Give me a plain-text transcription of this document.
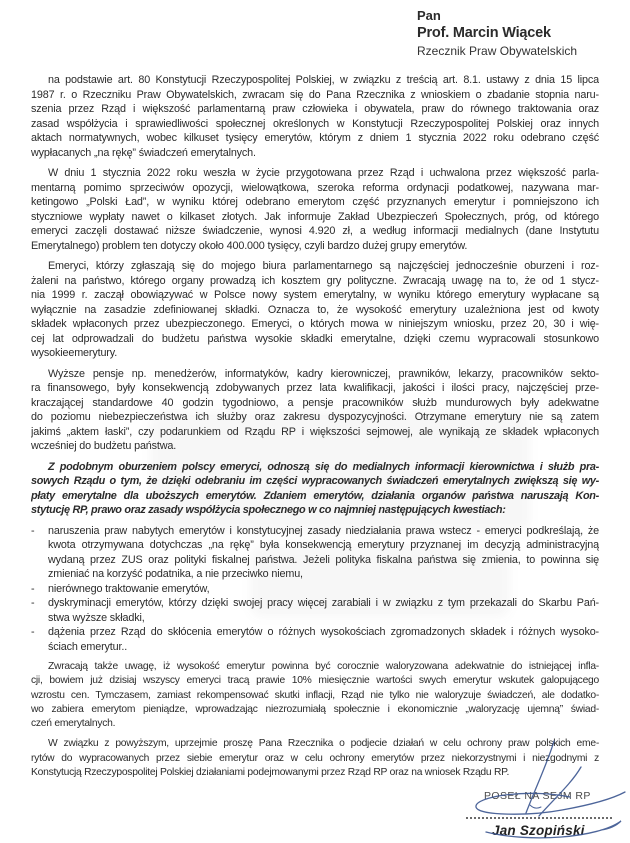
Pan
Prof. Marcin Wiącek
Rzecznik Praw Obywatelskich
na podstawie art. 80 Konstytucji Rzeczypospolitej Polskiej, w związku z treścią art. 8.1. ustawy z dnia 15 lipca
1987 r. o Rzeczniku Praw Obywatelskich, zwracam się do Pana Rzecznika z wnioskiem o zbadanie stopnia naru-
szenia przez Rząd i większość parlamentarną praw człowieka i obywatela, praw do równego traktowania oraz
zasad współżycia i sprawiedliwości społecznej określonych w Konstytucji Rzeczypospolitej Polskiej oraz innych
aktach normatywnych, wobec kilkuset tysięcy emerytów, którym z dniem 1 stycznia 2022 roku odebrano część
wypłacanych „na rękę” świadczeń emerytalnych.
W dniu 1 stycznia 2022 roku weszła w życie przygotowana przez Rząd i uchwalona przez większość parla-
mentarną pomimo sprzeciwów opozycji, wielowątkowa, szeroka reforma ordynacji podatkowej, nazywana mar-
ketingowo „Polski Ład”, w wyniku której odebrano emerytom część przyznanych emerytur i pomniejszono ich
styczniowe wypłaty nawet o kilkaset złotych. Jak informuje Zakład Ubezpieczeń Społecznych, próg, od którego
emeryci zaczęli dostawać niższe świadczenie, wynosi 4.920 zł, a według informacji medialnych (dane Instytutu
Emerytalnego) problem ten dotyczy około 400.000 tysięcy, czyli bardzo dużej grupy emerytów.
Emeryci, którzy zgłaszają się do mojego biura parlamentarnego są najczęściej jednocześnie oburzeni i roz-
żaleni na państwo, którego organy prowadzą ich kosztem gry polityczne. Zwracają uwagę na to, że od 1 stycz-
nia 1999 r. zaczął obowiązywać w Polsce nowy system emerytalny, w wyniku którego emerytury wypłacane są
wyłącznie na zasadzie zdefiniowanej składki. Oznacza to, że wysokość emerytury uzależniona jest od kwoty
składek wpłaconych przez ubezpieczonego. Emeryci, o których mowa w niniejszym wniosku, przez 20, 30 i wię-
cej lat odprowadzali do budżetu państwa wysokie składki emerytalne, dzięki czemu wypracowali stosunkowo
wysokieemerytury.
Wyższe pensje np. menedżerów, informatyków, kadry kierowniczej, prawników, lekarzy, pracowników sekto-
ra finansowego, były konsekwencją zdobywanych przez lata kwalifikacji, jakości i ilości pracy, najczęściej prze-
kraczającej standardowe 40 godzin tygodniowo, a pensje pracowników służb mundurowych były adekwatne
do poziomu niebezpieczeństwa ich służby oraz zakresu dyspozycyjności. Otrzymane emerytury nie są zatem
jakimś „aktem łaski”, czy podarunkiem od Rządu RP i większości sejmowej, ale wynikają ze składek wpłaconych
wcześniej do budżetu państwa.
Z podobnym oburzeniem polscy emeryci, odnoszą się do medialnych informacji kierownictwa i służb pra-
sowych Rządu o tym, że dzięki odebraniu im części wypracowanych świadczeń emerytalnych zwiększą się wy-
płaty emerytalne dla uboższych emerytów. Zdaniem emerytów, działania organów państwa naruszają Kon-
stytucję RP, prawo oraz zasady współżycia społecznego w co najmniej następujących kwestiach:
-	naruszenia praw nabytych emerytów i konstytucyjnej zasady niedziałania prawa wstecz - emeryci podkreślają, że
kwota otrzymywana dotychczas „na rękę” była konsekwencją emerytury przyznanej im decyzją administracyjną
wydaną przez ZUS oraz polityki fiskalnej państwa. Jeżeli polityka fiskalna państwa się zmienia, to powinna się
zmieniać na korzyść podatnika, a nie przeciwko niemu,
-	nierównego traktowanie emerytów,
-	dyskryminacji emerytów, którzy dzięki swojej pracy więcej zarabiali i w związku z tym przekazali do Skarbu Pań-
stwa wyższe składki,
-	dążenia przez Rząd do skłócenia emerytów o różnych wysokościach zgromadzonych składek i różnych wysoko-
ściach emerytur..
Zwracają także uwagę, iż wysokość emerytur powinna być corocznie waloryzowana adekwatnie do istniejącej infla-
cji, bowiem już dzisiaj wszyscy emeryci tracą prawie 10% miesięcznie wartości swych emerytur wskutek galopującego
wzrostu cen. Tymczasem, zamiast rekompensować skutki inflacji, Rząd nie tylko nie waloryzuje świadczeń, ale dodatko-
wo zabiera emerytom pieniądze, wprowadzając niezrozumiałą społecznie i ekonomicznie „waloryzację ujemną” świad-
czeń emerytalnych.
W związku z powyższym, uprzejmie proszę Pana Rzecznika o podjecie działań w celu ochrony praw polskich eme-
rytów do wypracowanych przez siebie emerytur oraz w celu ochrony emerytów przez niekorzystnymi i niezgodnymi z
Konstytucją Rzeczypospolitej Polskiej działaniami podejmowanymi przez Rząd RP oraz na wniosek Rządu RP.
POSEŁ NA SEJM RP
Jan Szopiński
